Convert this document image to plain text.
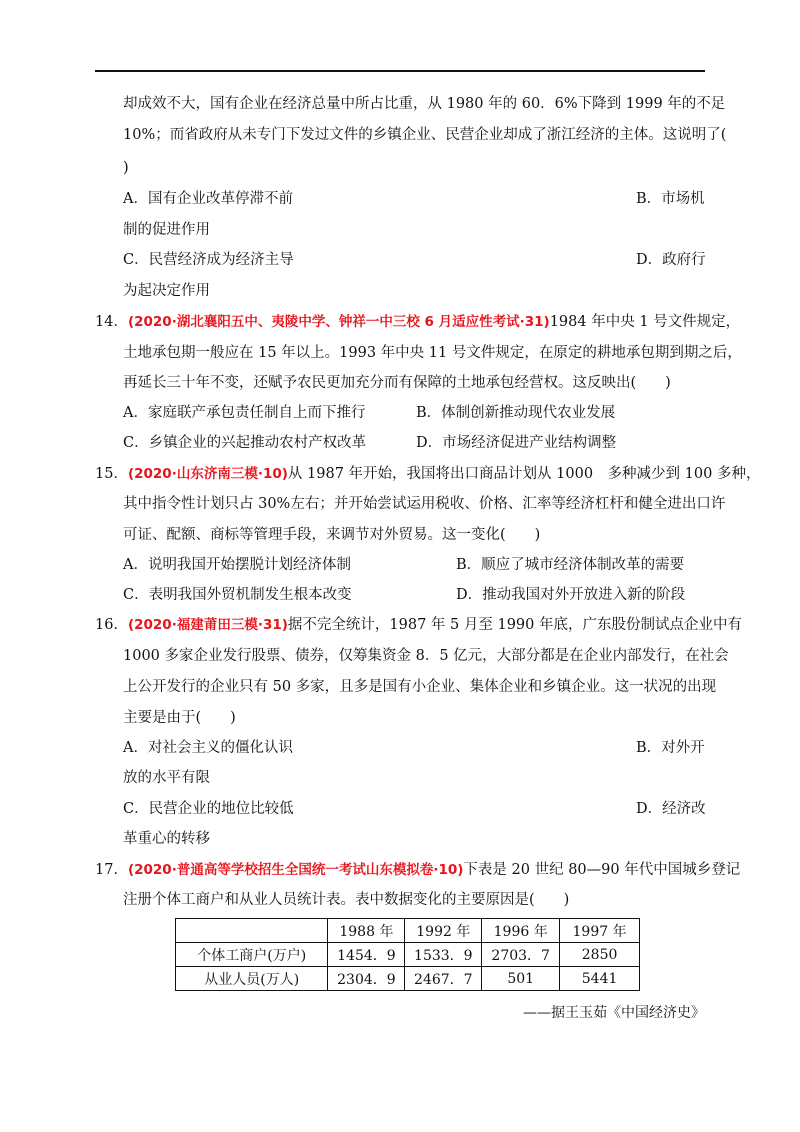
却成效不大，国有企业在经济总量中所占比重，从 1980 年的 60．6%下降到 1999 年的不足
10%；而省政府从未专门下发过文件的乡镇企业、民营企业却成了浙江经济的主体。这说明了(
)
A．国有企业改革停滞不前	B．市场机
制的促进作用
C．民营经济成为经济主导	D．政府行
为起决定作用
14．(2020·湖北襄阳五中、夷陵中学、钟祥一中三校 6 月适应性考试·31)1984 年中央 1 号文件规定，
土地承包期一般应在 15 年以上。1993 年中央 11 号文件规定，在原定的耕地承包期到期之后，
再延长三十年不变，还赋予农民更加充分而有保障的土地承包经营权。这反映出(　　)
A．家庭联产承包责任制自上而下推行	B．体制创新推动现代农业发展
C．乡镇企业的兴起推动农村产权改革	D．市场经济促进产业结构调整
15．(2020·山东济南三模·10)从 1987 年开始，我国将出口商品计划从 1000　多种减少到 100 多种，
其中指令性计划只占 30%左右；并开始尝试运用税收、价格、汇率等经济杠杆和健全进出口许
可证、配额、商标等管理手段，来调节对外贸易。这一变化(　　)
A．说明我国开始摆脱计划经济体制	B．顺应了城市经济体制改革的需要
C．表明我国外贸机制发生根本改变	D．推动我国对外开放进入新的阶段
16．(2020·福建莆田三模·31)据不完全统计，1987 年 5 月至 1990 年底，广东股份制试点企业中有
1000 多家企业发行股票、债券，仅筹集资金 8．5 亿元，大部分都是在企业内部发行，在社会
上公开发行的企业只有 50 多家，且多是国有小企业、集体企业和乡镇企业。这一状况的出现
主要是由于(　　)
A．对社会主义的僵化认识	B．对外开
放的水平有限
C．民营企业的地位比较低	D．经济改
革重心的转移
17．(2020·普通高等学校招生全国统一考试山东模拟卷·10)下表是 20 世纪 80—90 年代中国城乡登记
注册个体工商户和从业人员统计表。表中数据变化的主要原因是(　　)
	1988 年	1992 年	1996 年	1997 年
个体工商户(万户)	1454．9	1533．9	2703．7	2850
从业人员(万人)	2304．9	2467．7	501	5441
——据王玉茹《中国经济史》
